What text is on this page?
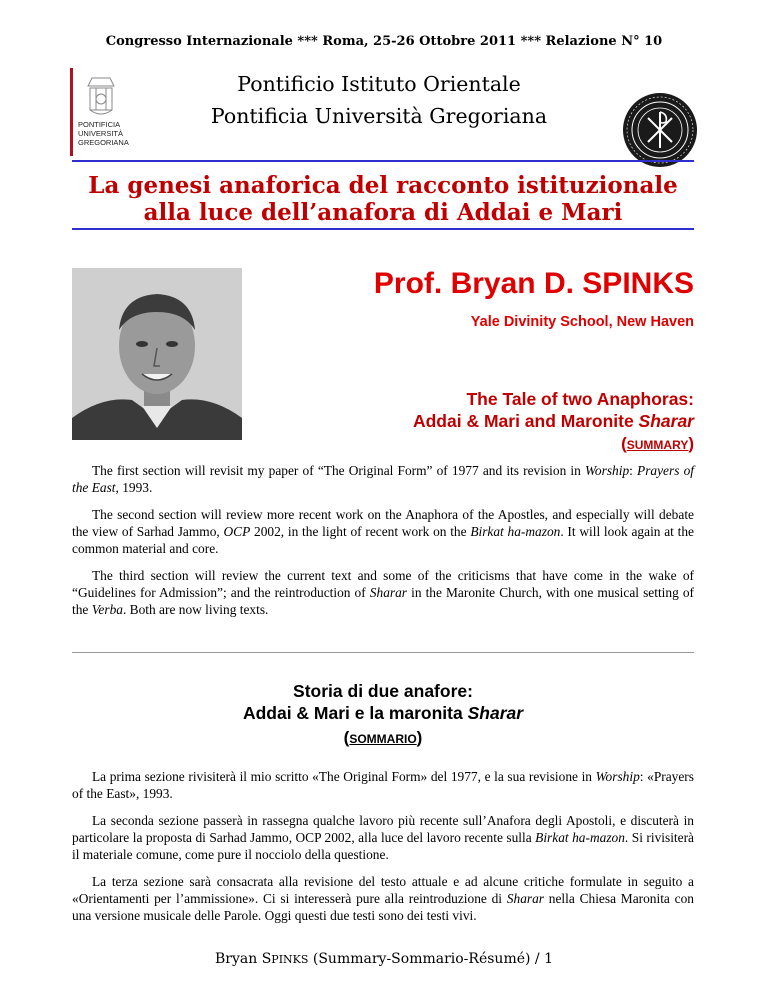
Congresso Internazionale *** Roma, 25-26 Ottobre 2011 *** Relazione N° 10
PONTIFICIA
UNIVERSITÀ
GREGORIANA
Pontificio Istituto Orientale
Pontificia Università Gregoriana
La genesi anaforica del racconto istituzionale
alla luce dell’anafora di Addai e Mari
Prof. Bryan D. SPINKS
Yale Divinity School, New Haven
The Tale of two Anaphoras:
Addai & Mari and Maronite Sharar
(SUMMARY)
The first section will revisit my paper of “The Original Form” of 1977 and its revision in Worship: Prayers of the East, 1993.
The second section will review more recent work on the Anaphora of the Apostles, and especially will debate the view of Sarhad Jammo, OCP 2002, in the light of recent work on the Birkat ha-mazon. It will look again at the common material and core.
The third section will review the current text and some of the criticisms that have come in the wake of “Guidelines for Admission”; and the reintroduction of Sharar in the Maronite Church, with one musical setting of the Verba. Both are now living texts.
Storia di due anafore:
Addai & Mari e la maronita Sharar
(SOMMARIO)
La prima sezione rivisiterà il mio scritto «The Original Form» del 1977, e la sua revisione in Worship: «Prayers of the East», 1993.
La seconda sezione passerà in rassegna qualche lavoro più recente sull’Anafora degli Apostoli, e discuterà in particolare la proposta di Sarhad Jammo, OCP 2002, alla luce del lavoro recente sulla Birkat ha-mazon. Si rivisiterà il materiale comune, come pure il nocciolo della questione.
La terza sezione sarà consacrata alla revisione del testo attuale e ad alcune critiche formulate in seguito a «Orientamenti per l’ammissione». Ci si interesserà pure alla reintroduzione di Sharar nella Chiesa Maronita con una versione musicale delle Parole. Oggi questi due testi sono dei testi vivi.
Bryan SPINKS (Summary-Sommario-Résumé) / 1
